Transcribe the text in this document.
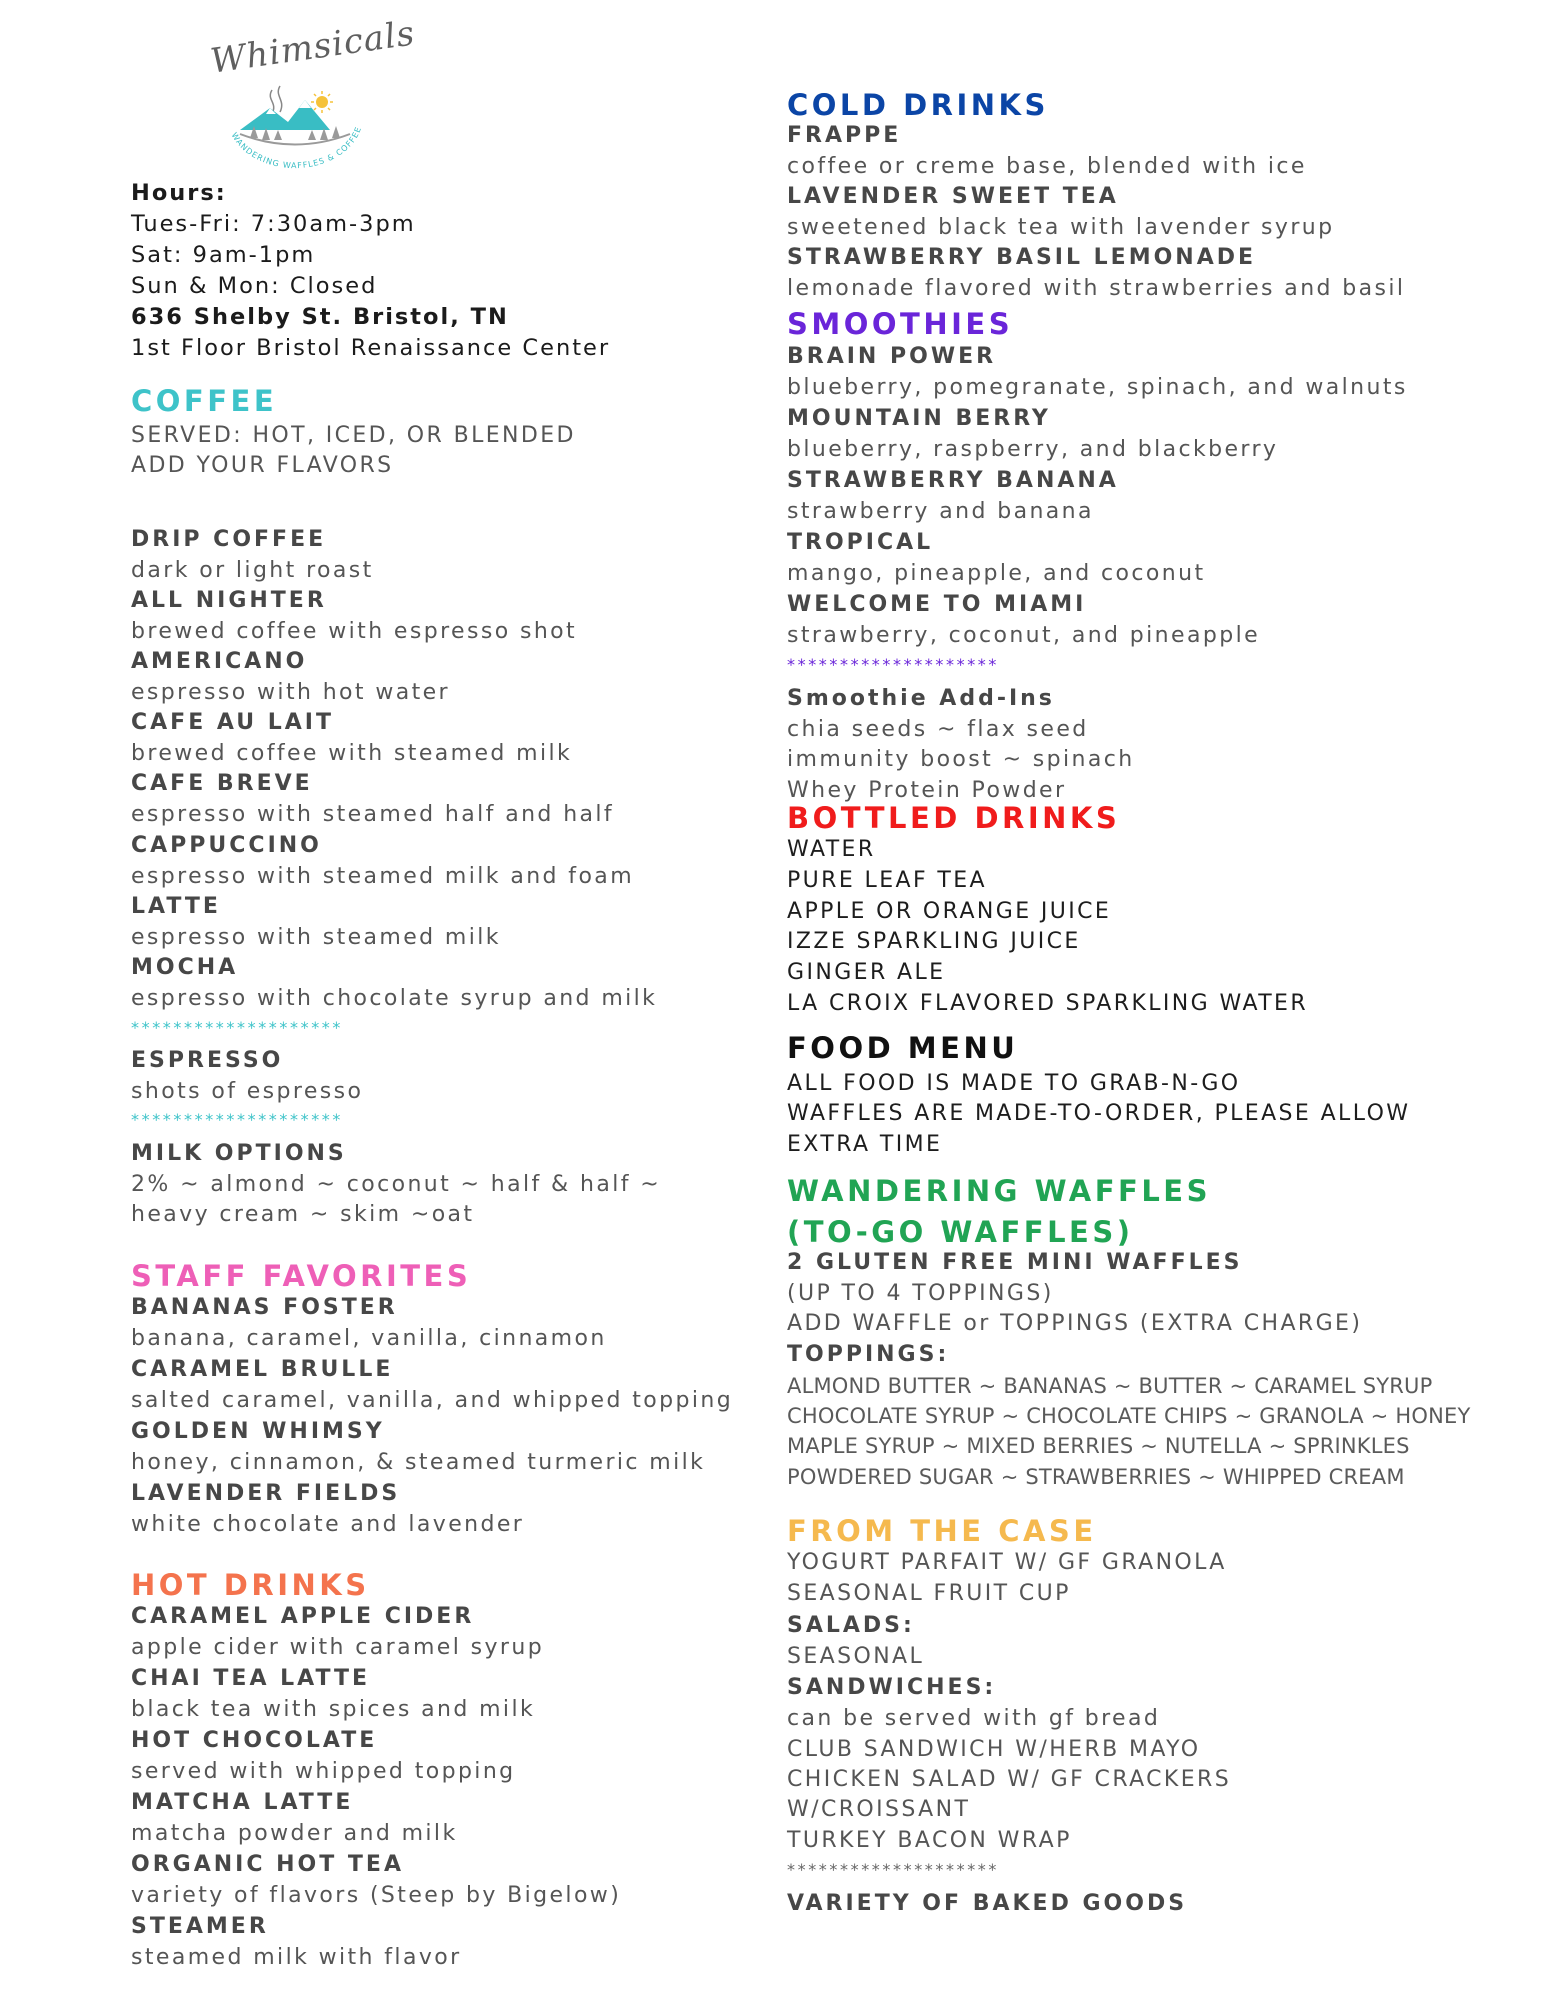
Whimsicals
WANDERING WAFFLES & COFFEE
Hours:
Tues-Fri: 7:30am-3pm
Sat: 9am-1pm
Sun & Mon: Closed
636 Shelby St. Bristol, TN
1st Floor Bristol Renaissance Center
COFFEE
SERVED: HOT, ICED, OR BLENDED
ADD YOUR FLAVORS
DRIP COFFEE
dark or light roast
ALL NIGHTER
brewed coffee with espresso shot
AMERICANO
espresso with hot water
CAFE AU LAIT
brewed coffee with steamed milk
CAFE BREVE
espresso with steamed half and half
CAPPUCCINO
espresso with steamed milk and foam
LATTE
espresso with steamed milk
MOCHA
espresso with chocolate syrup and milk
********************
ESPRESSO
shots of espresso
********************
MILK OPTIONS
2% ~ almond ~ coconut ~ half & half ~
heavy cream ~ skim ~oat
STAFF FAVORITES
BANANAS FOSTER
banana, caramel, vanilla, cinnamon
CARAMEL BRULLE
salted caramel, vanilla, and whipped topping
GOLDEN WHIMSY
honey, cinnamon, & steamed turmeric milk
LAVENDER FIELDS
white chocolate and lavender
HOT DRINKS
CARAMEL APPLE CIDER
apple cider with caramel syrup
CHAI TEA LATTE
black tea with spices and milk
HOT CHOCOLATE
served with whipped topping
MATCHA LATTE
matcha powder and milk
ORGANIC HOT TEA
variety of flavors (Steep by Bigelow)
STEAMER
steamed milk with flavor
COLD DRINKS
FRAPPE
coffee or creme base, blended with ice
LAVENDER SWEET TEA
sweetened black tea with lavender syrup
STRAWBERRY BASIL LEMONADE
lemonade flavored with strawberries and basil
SMOOTHIES
BRAIN POWER
blueberry, pomegranate, spinach, and walnuts
MOUNTAIN BERRY
blueberry, raspberry, and blackberry
STRAWBERRY BANANA
strawberry and banana
TROPICAL
mango, pineapple, and coconut
WELCOME TO MIAMI
strawberry, coconut, and pineapple
********************
Smoothie Add-Ins
chia seeds ~ flax seed
immunity boost ~ spinach
Whey Protein Powder
BOTTLED DRINKS
WATER
PURE LEAF TEA
APPLE OR ORANGE JUICE
IZZE SPARKLING JUICE
GINGER ALE
LA CROIX FLAVORED SPARKLING WATER
FOOD MENU
ALL FOOD IS MADE TO GRAB-N-GO
WAFFLES ARE MADE-TO-ORDER, PLEASE ALLOW
EXTRA TIME
WANDERING WAFFLES
(TO-GO WAFFLES)
2 GLUTEN FREE MINI WAFFLES
(UP TO 4 TOPPINGS)
ADD WAFFLE or TOPPINGS (EXTRA CHARGE)
TOPPINGS:
ALMOND BUTTER ~ BANANAS ~ BUTTER ~ CARAMEL SYRUP
CHOCOLATE SYRUP ~ CHOCOLATE CHIPS ~ GRANOLA ~ HONEY
MAPLE SYRUP ~ MIXED BERRIES ~ NUTELLA ~ SPRINKLES
POWDERED SUGAR ~ STRAWBERRIES ~ WHIPPED CREAM
FROM THE CASE
YOGURT PARFAIT W/ GF GRANOLA
SEASONAL FRUIT CUP
SALADS:
SEASONAL
SANDWICHES:
can be served with gf bread
CLUB SANDWICH W/HERB MAYO
CHICKEN SALAD W/ GF CRACKERS
W/CROISSANT
TURKEY BACON WRAP
********************
VARIETY OF BAKED GOODS
